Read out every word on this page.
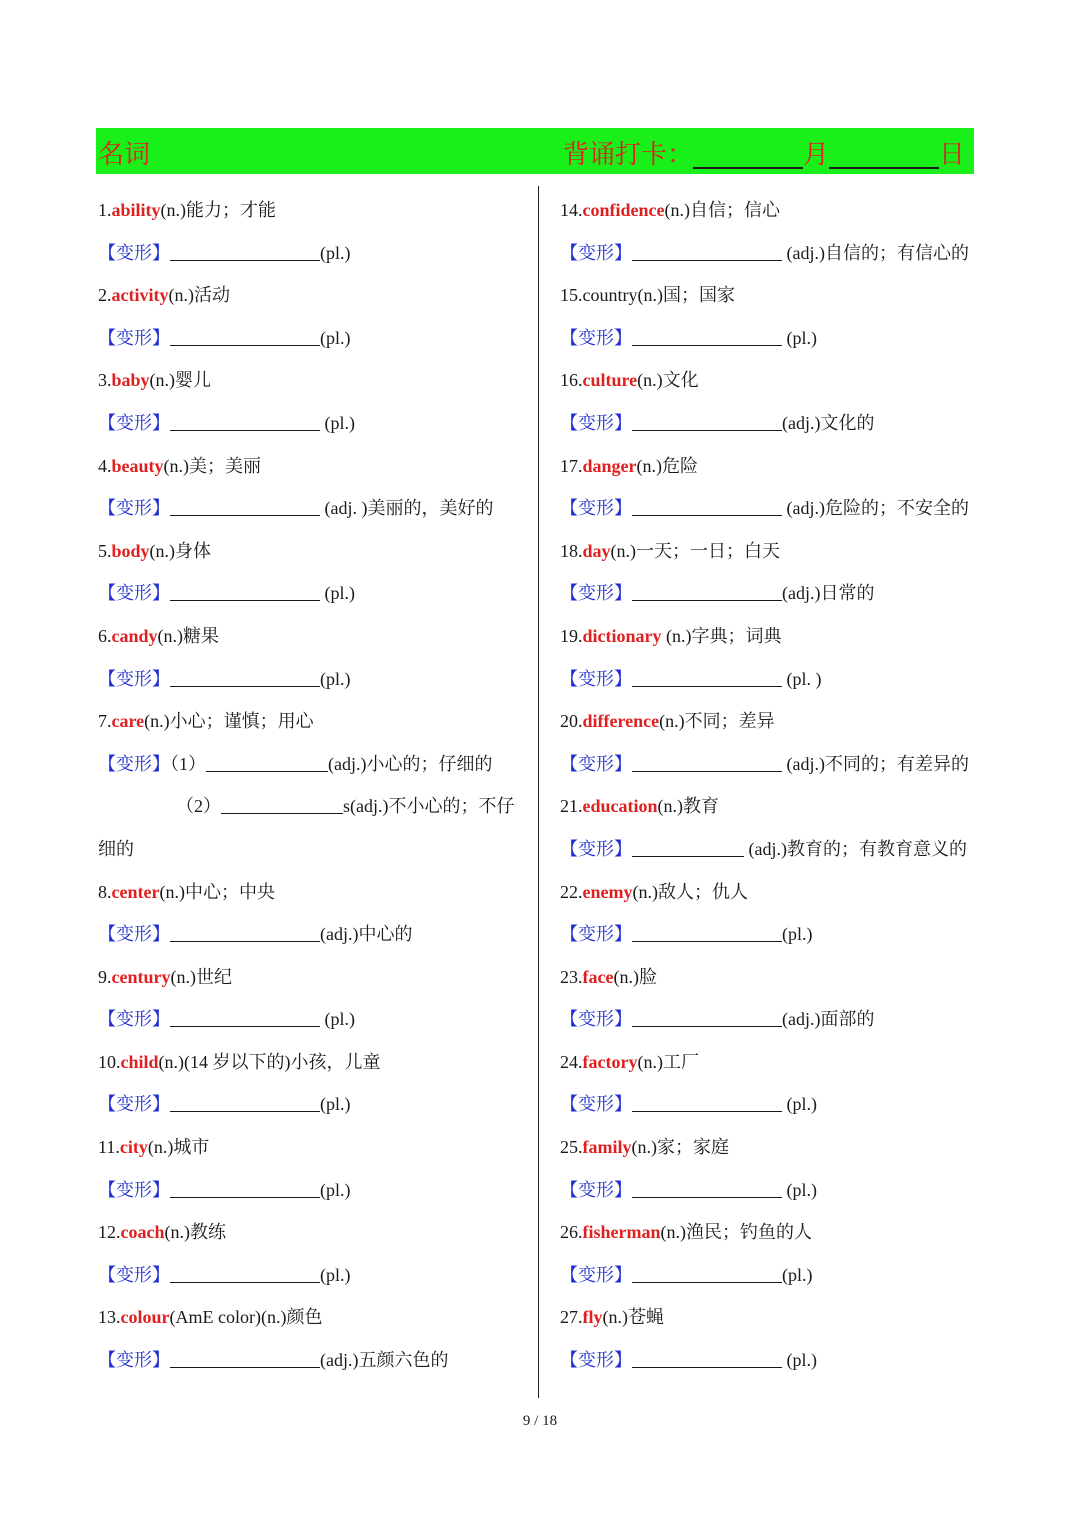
名词	背诵打卡：	月	日
1.ability(n.)能力；才能
【变形】	(pl.)
2.activity(n.)活动
【变形】	(pl.)
3.baby(n.)婴儿
【变形】	(pl.)
4.beauty(n.)美；美丽
【变形】	(adj. )美丽的，美好的
5.body(n.)身体
【变形】	(pl.)
6.candy(n.)糖果
【变形】	(pl.)
7.care(n.)小心；谨慎；用心
【变形】（1）	(adj.)小心的；仔细的
（2）	s(adj.)不小心的；不仔
细的
8.center(n.)中心；中央
【变形】	(adj.)中心的
9.century(n.)世纪
【变形】	(pl.)
10.child(n.)(14 岁以下的)小孩，儿童
【变形】	(pl.)
11.city(n.)城市
【变形】	(pl.)
12.coach(n.)教练
【变形】	(pl.)
13.colour(AmE color)(n.)颜色
【变形】	(adj.)五颜六色的
14.confidence(n.)自信；信心
【变形】	(adj.)自信的；有信心的
15.country(n.)国；国家
【变形】	(pl.)
16.culture(n.)文化
【变形】	(adj.)文化的
17.danger(n.)危险
【变形】	(adj.)危险的；不安全的
18.day(n.)一天；一日；白天
【变形】	(adj.)日常的
19.dictionary (n.)字典；词典
【变形】	(pl. )
20.difference(n.)不同；差异
【变形】	(adj.)不同的；有差异的
21.education(n.)教育
【变形】	(adj.)教育的；有教育意义的
22.enemy(n.)敌人；仇人
【变形】	(pl.)
23.face(n.)脸
【变形】	(adj.)面部的
24.factory(n.)工厂
【变形】	(pl.)
25.family(n.)家；家庭
【变形】	(pl.)
26.fisherman(n.)渔民；钓鱼的人
【变形】	(pl.)
27.fly(n.)苍蝇
【变形】	(pl.)
9 / 18
